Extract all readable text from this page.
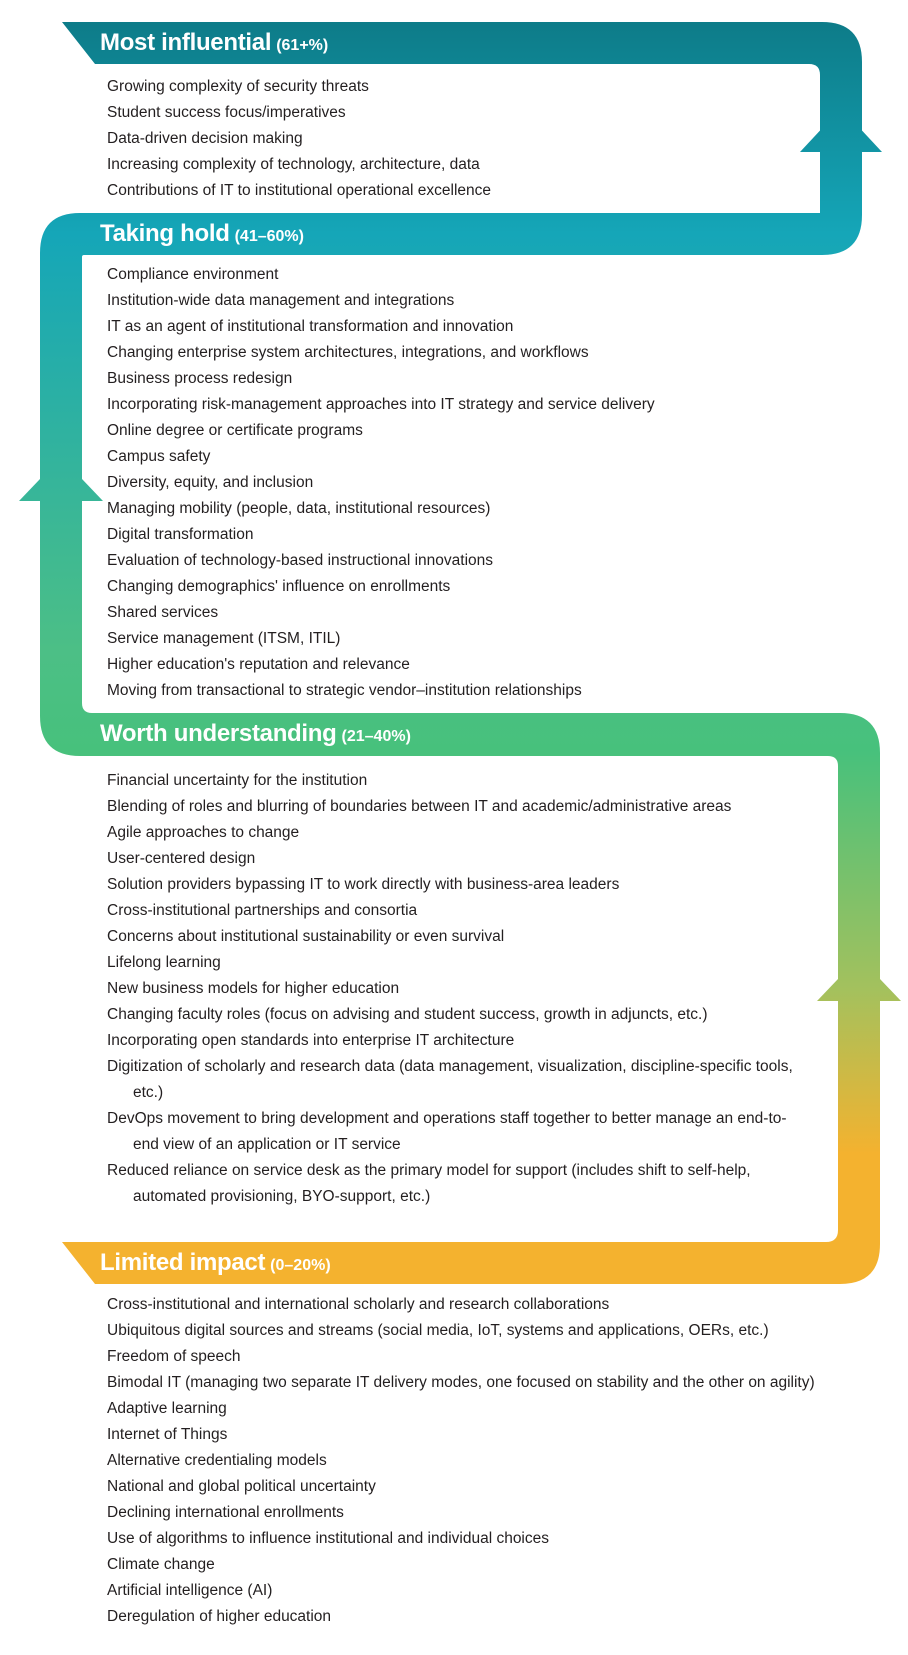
Most influential (61+%)
Growing complexity of security threats
Student success focus/imperatives
Data-driven decision making
Increasing complexity of technology, architecture, data
Contributions of IT to institutional operational excellence
Taking hold (41–60%)
Compliance environment
Institution-wide data management and integrations
IT as an agent of institutional transformation and innovation
Changing enterprise system architectures, integrations, and workflows
Business process redesign
Incorporating risk-management approaches into IT strategy and service delivery
Online degree or certificate programs
Campus safety
Diversity, equity, and inclusion
Managing mobility (people, data, institutional resources)
Digital transformation
Evaluation of technology-based instructional innovations
Changing demographics' influence on enrollments
Shared services
Service management (ITSM, ITIL)
Higher education's reputation and relevance
Moving from transactional to strategic vendor–institution relationships
Worth understanding (21–40%)
Financial uncertainty for the institution
Blending of roles and blurring of boundaries between IT and academic/administrative areas
Agile approaches to change
User-centered design
Solution providers bypassing IT to work directly with business-area leaders
Cross-institutional partnerships and consortia
Concerns about institutional sustainability or even survival
Lifelong learning
New business models for higher education
Changing faculty roles (focus on advising and student success, growth in adjuncts, etc.)
Incorporating open standards into enterprise IT architecture
Digitization of scholarly and research data (data management, visualization, discipline-specific tools, etc.)
DevOps movement to bring development and operations staff together to better manage an end-to-end view of an application or IT service
Reduced reliance on service desk as the primary model for support (includes shift to self-help, automated provisioning, BYO-support, etc.)
Limited impact (0–20%)
Cross-institutional and international scholarly and research collaborations
Ubiquitous digital sources and streams (social media, IoT, systems and applications, OERs, etc.)
Freedom of speech
Bimodal IT (managing two separate IT delivery modes, one focused on stability and the other on agility)
Adaptive learning
Internet of Things
Alternative credentialing models
National and global political uncertainty
Declining international enrollments
Use of algorithms to influence institutional and individual choices
Climate change
Artificial intelligence (AI)
Deregulation of higher education
